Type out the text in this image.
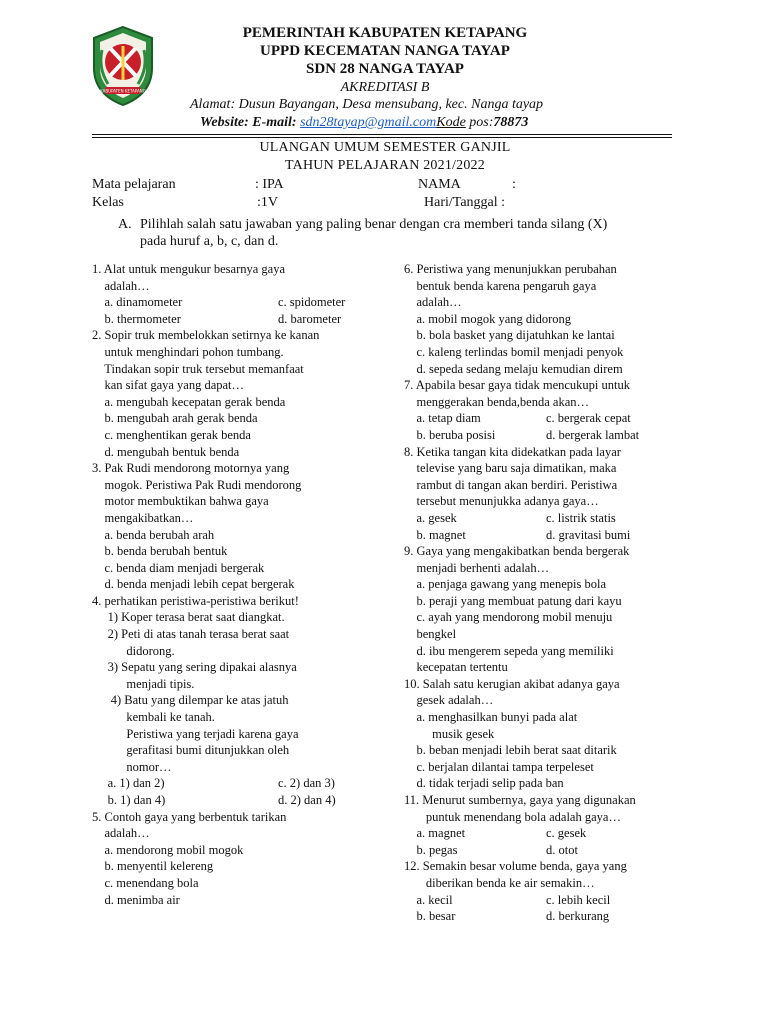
KABUPATEN KETAPANG
PEMERINTAH KABUPATEN KETAPANG
UPPD KECEMATAN NANGA TAYAP
SDN 28 NANGA TAYAP
AKREDITASI B
Alamat: Dusun Bayangan, Desa mensubang, kec. Nanga tayap
Website: E-mail: sdn28tayap@gmail.comKode pos:78873
ULANGAN UMUM SEMESTER GANJIL
TAHUN PELAJARAN 2021/2022
Mata pelajaran	: IPA	NAMA	:
Kelas	:1V	Hari/Tanggal :
A. Pilihlah salah satu jawaban yang paling benar dengan cra memberi tanda silang (X)
pada huruf a, b, c, dan d.
1. Alat untuk mengukur besarnya gaya
adalah…
a. dinamometer	c. spidometer
b. thermometer	d. barometer
2. Sopir truk membelokkan setirnya ke kanan
untuk menghindari pohon tumbang.
Tindakan sopir truk tersebut memanfaat
kan sifat gaya yang dapat…
a. mengubah kecepatan gerak benda
b. mengubah arah gerak benda
c. menghentikan gerak benda
d. mengubah bentuk benda
3. Pak Rudi mendorong motornya yang
mogok. Peristiwa Pak Rudi mendorong
motor membuktikan bahwa gaya
mengakibatkan…
a. benda berubah arah
b. benda berubah bentuk
c. benda diam menjadi bergerak
d. benda menjadi lebih cepat bergerak
4. perhatikan peristiwa-peristiwa berikut!
1) Koper terasa berat saat diangkat.
2) Peti di atas tanah terasa berat saat
didorong.
3) Sepatu yang sering dipakai alasnya
menjadi tipis.
4) Batu yang dilempar ke atas jatuh
kembali ke tanah.
Peristiwa yang terjadi karena gaya
gerafitasi bumi ditunjukkan oleh
nomor…
a. 1) dan 2)	c. 2) dan 3)
b. 1) dan 4)	d. 2) dan 4)
5. Contoh gaya yang berbentuk tarikan
adalah…
a. mendorong mobil mogok
b. menyentil kelereng
c. menendang bola
d. menimba air
6. Peristiwa yang menunjukkan perubahan
bentuk benda karena pengaruh gaya
adalah…
a. mobil mogok yang didorong
b. bola basket yang dijatuhkan ke lantai
c. kaleng terlindas bomil menjadi penyok
d. sepeda sedang melaju kemudian direm
7. Apabila besar gaya tidak mencukupi untuk
menggerakan benda,benda akan…
a. tetap diam	c. bergerak cepat
b. beruba posisi	d. bergerak lambat
8. Ketika tangan kita didekatkan pada layar
televise yang baru saja dimatikan, maka
rambut di tangan akan berdiri. Peristiwa
tersebut menunjukka adanya gaya…
a. gesek	c. listrik statis
b. magnet	d. gravitasi bumi
9. Gaya yang mengakibatkan benda bergerak
menjadi berhenti adalah…
a. penjaga gawang yang menepis bola
b. peraji yang membuat patung dari kayu
c. ayah yang mendorong mobil menuju
bengkel
d. ibu mengerem sepeda yang memiliki
kecepatan tertentu
10. Salah satu kerugian akibat adanya gaya
gesek adalah…
a. menghasilkan bunyi pada alat
musik gesek
b. beban menjadi lebih berat saat ditarik
c. berjalan dilantai tampa terpeleset
d. tidak terjadi selip pada ban
11. Menurut sumbernya, gaya yang digunakan
puntuk menendang bola adalah gaya…
a. magnet	c. gesek
b. pegas	d. otot
12. Semakin besar volume benda, gaya yang
diberikan benda ke air semakin…
a. kecil	c. lebih kecil
b. besar	d. berkurang
